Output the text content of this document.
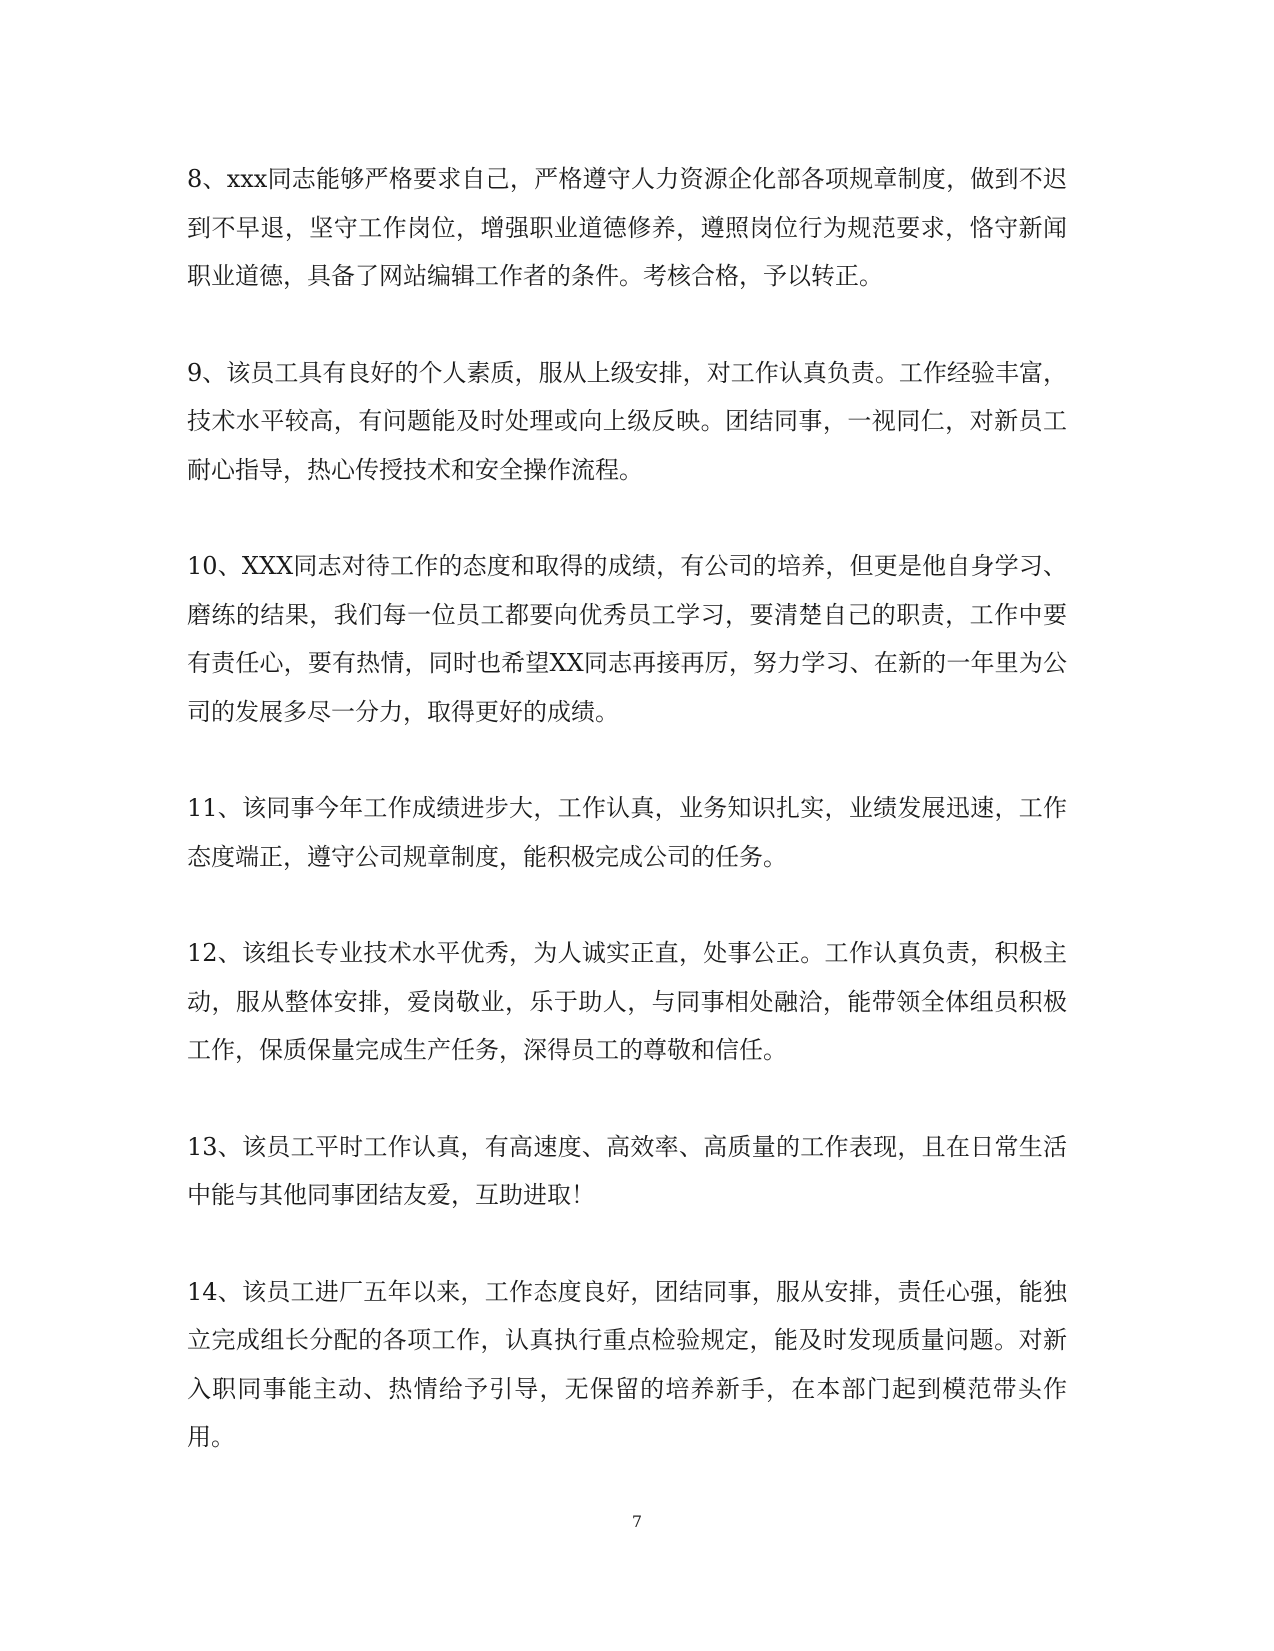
8、xxx同志能够严格要求自己，严格遵守人力资源企化部各项规章制度，做到不迟到不早退，坚守工作岗位，增强职业道德修养，遵照岗位行为规范要求，恪守新闻职业道德，具备了网站编辑工作者的条件。考核合格，予以转正。

9、该员工具有良好的个人素质，服从上级安排，对工作认真负责。工作经验丰富，技术水平较高，有问题能及时处理或向上级反映。团结同事，一视同仁，对新员工耐心指导，热心传授技术和安全操作流程。

10、XXX同志对待工作的态度和取得的成绩，有公司的培养，但更是他自身学习、磨练的结果，我们每一位员工都要向优秀员工学习，要清楚自己的职责，工作中要有责任心，要有热情，同时也希望XX同志再接再厉，努力学习、在新的一年里为公司的发展多尽一分力，取得更好的成绩。

11、该同事今年工作成绩进步大，工作认真，业务知识扎实，业绩发展迅速，工作态度端正，遵守公司规章制度，能积极完成公司的任务。

12、该组长专业技术水平优秀，为人诚实正直，处事公正。工作认真负责，积极主动，服从整体安排，爱岗敬业，乐于助人，与同事相处融洽，能带领全体组员积极工作，保质保量完成生产任务，深得员工的尊敬和信任。

13、该员工平时工作认真，有高速度、高效率、高质量的工作表现，且在日常生活中能与其他同事团结友爱，互助进取！

14、该员工进厂五年以来，工作态度良好，团结同事，服从安排，责任心强，能独立完成组长分配的各项工作，认真执行重点检验规定，能及时发现质量问题。对新入职同事能主动、热情给予引导，无保留的培养新手，在本部门起到模范带头作用。

7
